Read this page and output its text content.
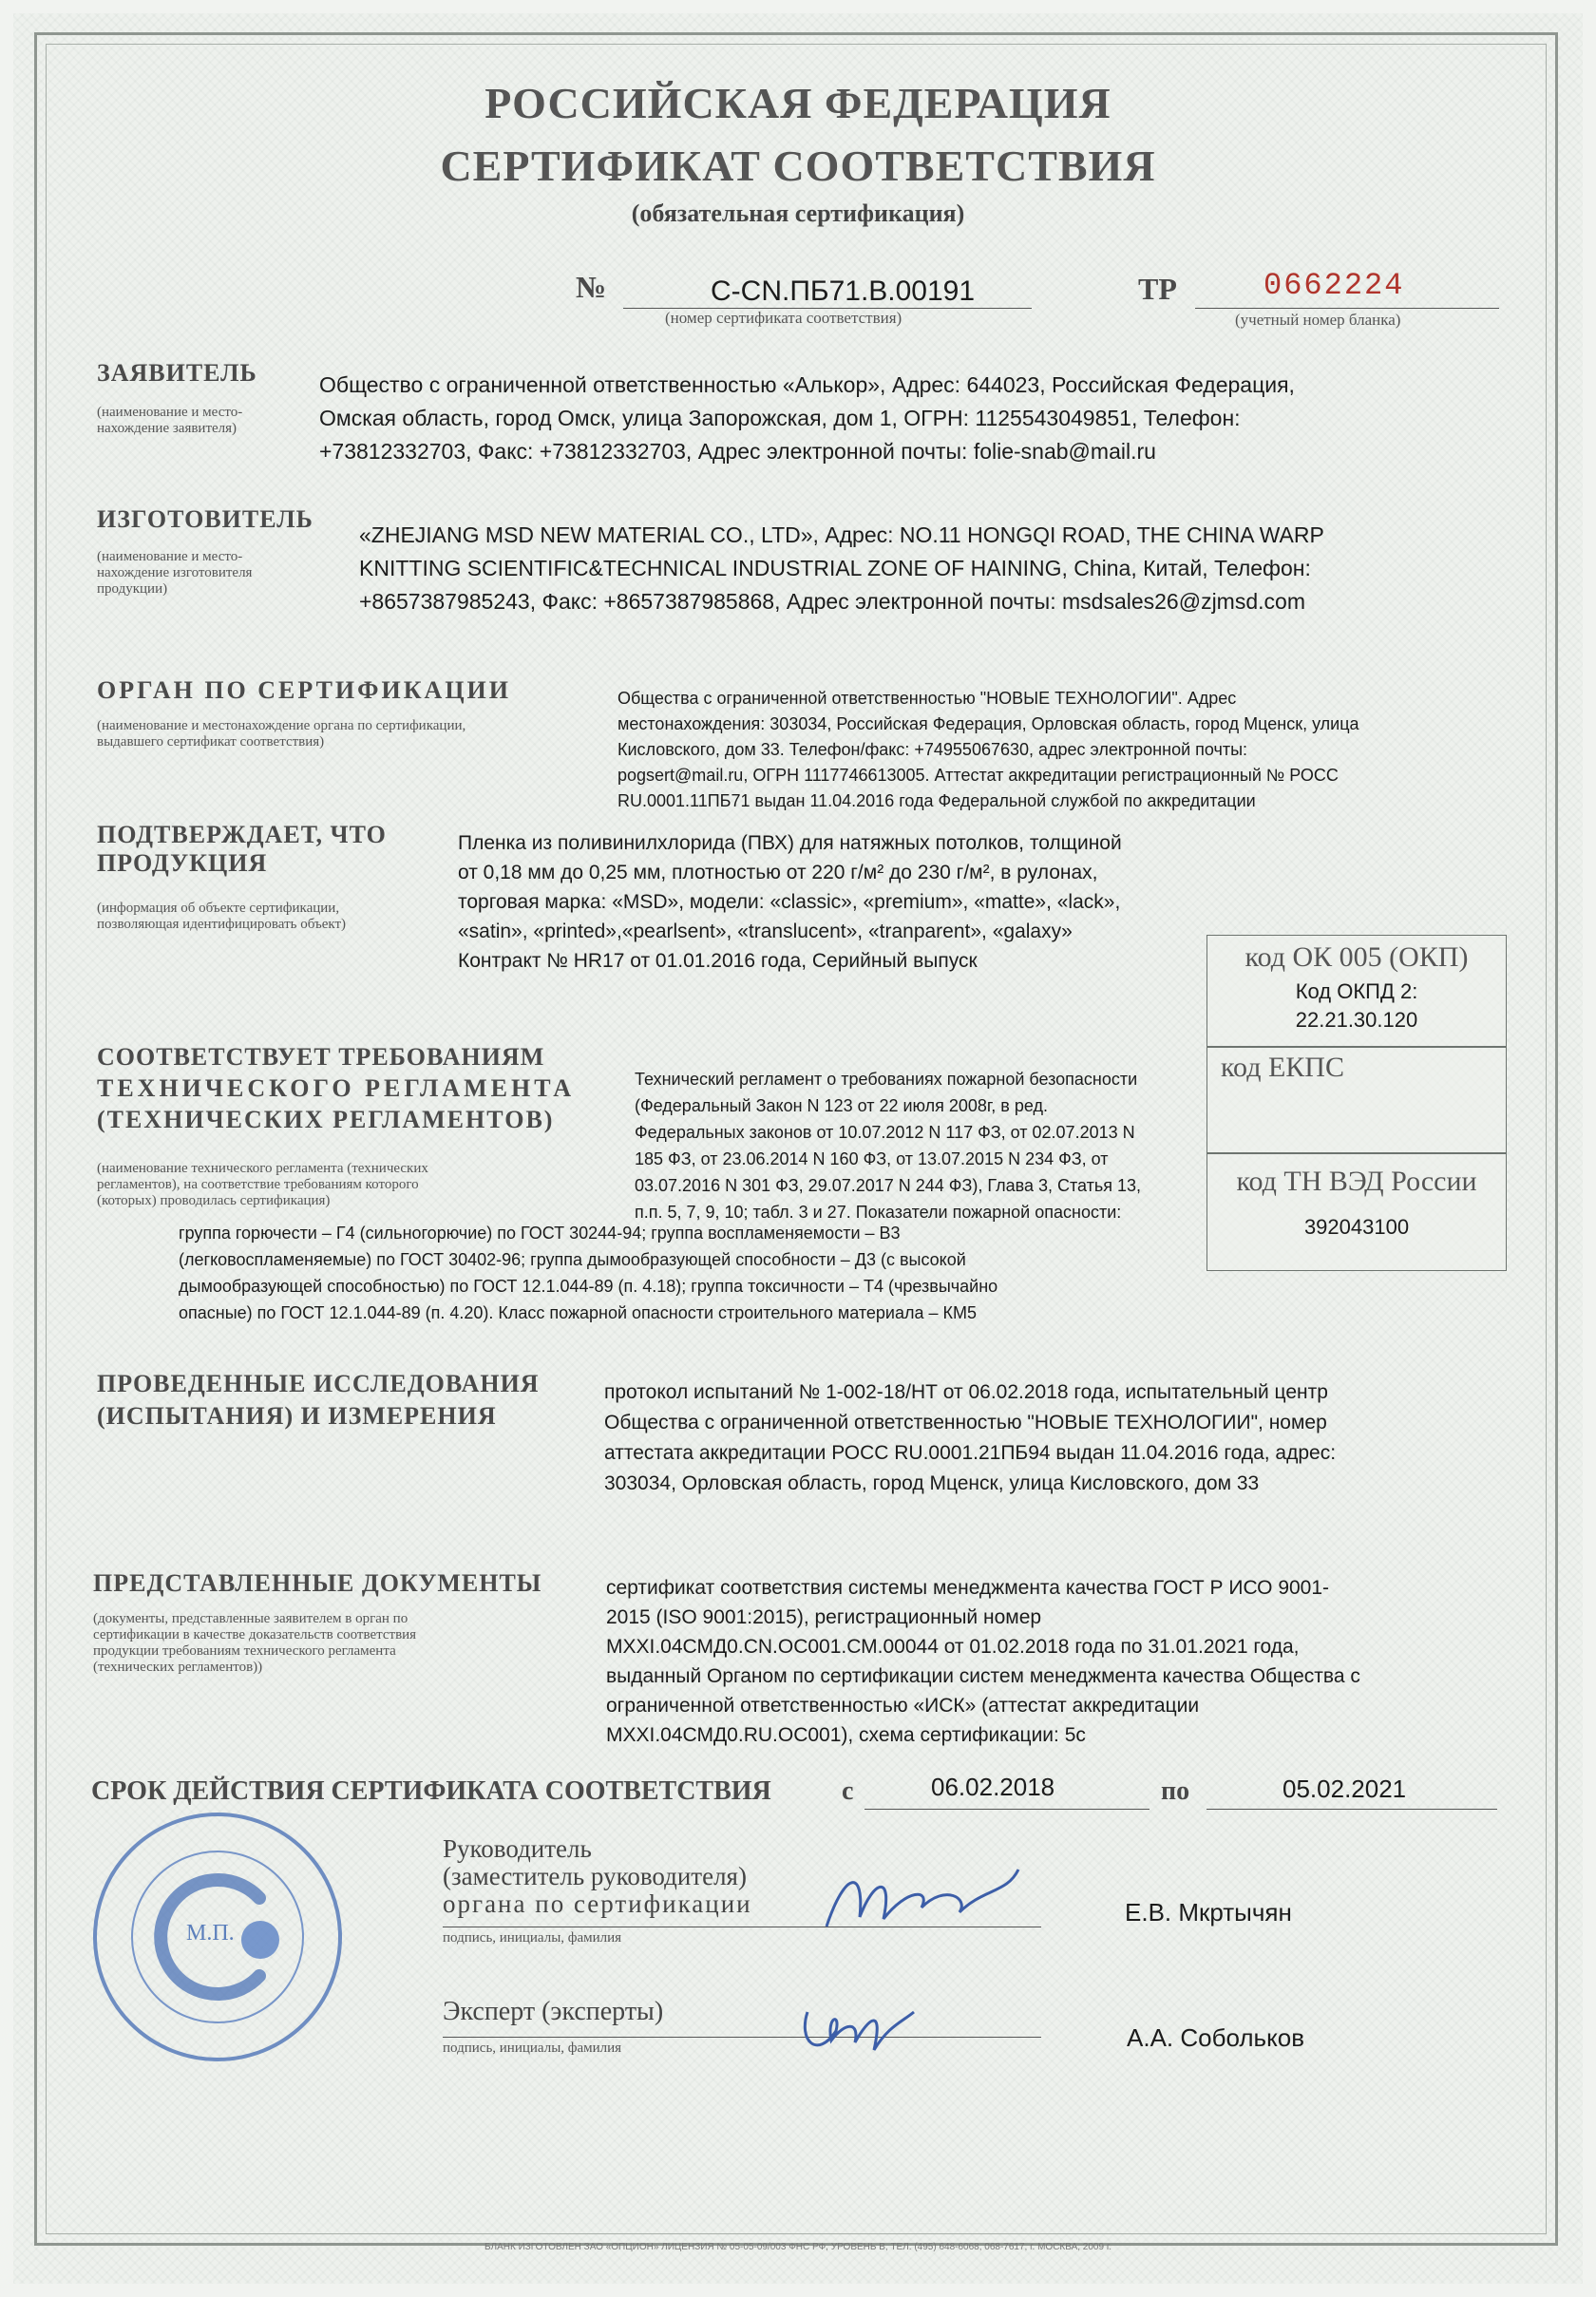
РОССИЙСКАЯ ФЕДЕРАЦИЯ
СЕРТИФИКАТ СООТВЕТСТВИЯ
(обязательная сертификация)
№	C-CN.ПБ71.В.00191
(номер сертификата соответствия)
ТР	0662224
(учетный номер бланка)
ЗАЯВИТЕЛЬ
(наименование и место-
нахождение заявителя)
Общество с ограниченной ответственностью «Алькор», Адрес: 644023, Российская Федерация,
Омская область, город Омск, улица Запорожская, дом 1, ОГРН: 1125543049851, Телефон:
+73812332703, Факс: +73812332703, Адрес электронной почты: folie-snab@mail.ru
ИЗГОТОВИТЕЛЬ
(наименование и место-
нахождение изготовителя
продукции)
«ZHEJIANG MSD NEW MATERIAL CO., LTD», Адрес: NO.11 HONGQI ROAD, THE CHINA WARP
KNITTING SCIENTIFIC&TECHNICAL INDUSTRIAL ZONE OF HAINING, China, Китай, Телефон:
+8657387985243, Факс: +8657387985868, Адрес электронной почты: msdsales26@zjmsd.com
ОРГАН ПО СЕРТИФИКАЦИИ
(наименование и местонахождение органа по сертификации,
выдавшего сертификат соответствия)
Общества с ограниченной ответственностью "НОВЫЕ ТЕХНОЛОГИИ". Адрес
местонахождения: 303034, Российская Федерация, Орловская область, город Мценск, улица
Кисловского, дом 33. Телефон/факс: +74955067630, адрес электронной почты:
pogsert@mail.ru, ОГРН 1117746613005. Аттестат аккредитации регистрационный № РОСС
RU.0001.11ПБ71 выдан 11.04.2016 года Федеральной службой по аккредитации
ПОДТВЕРЖДАЕТ, ЧТО
ПРОДУКЦИЯ
(информация об объекте сертификации,
позволяющая идентифицировать объект)
Пленка из поливинилхлорида (ПВХ) для натяжных потолков, толщиной
от 0,18 мм до 0,25 мм, плотностью от 220 г/м² до 230 г/м², в рулонах,
торговая марка: «MSD», модели: «classic», «premium», «matte», «lack»,
«satin», «printed»,«pearlsent», «translucent», «tranparent», «galaxy»
Контракт № HR17 от 01.01.2016 года, Серийный выпуск	код ОК 005 (ОКП)
Код ОКПД 2:
22.21.30.120
код ЕКПС
код ТН ВЭД России
392043100
СООТВЕТСТВУЕТ ТРЕБОВАНИЯМ
ТЕХНИЧЕСКОГО РЕГЛАМЕНТА
(ТЕХНИЧЕСКИХ РЕГЛАМЕНТОВ)
(наименование технического регламента (технических
регламентов), на соответствие требованиям которого
(которых) проводилась сертификация)
Технический регламент о требованиях пожарной безопасности
(Федеральный Закон N 123 от 22 июля 2008г, в ред.
Федеральных законов от 10.07.2012 N 117 ФЗ, от 02.07.2013 N
185 ФЗ, от 23.06.2014 N 160 ФЗ, от 13.07.2015 N 234 ФЗ, от
03.07.2016 N 301 ФЗ, 29.07.2017 N 244 ФЗ), Глава 3, Статья 13,
п.п. 5, 7, 9, 10; табл. 3 и 27. Показатели пожарной опасности:
группа горючести – Г4 (сильногорючие) по ГОСТ 30244-94; группа воспламеняемости – В3
(легковоспламеняемые) по ГОСТ 30402-96; группа дымообразующей способности – Д3 (с высокой
дымообразующей способностью) по ГОСТ 12.1.044-89 (п. 4.18); группа токсичности – Т4 (чрезвычайно
опасные) по ГОСТ 12.1.044-89 (п. 4.20). Класс пожарной опасности строительного материала – КМ5
ПРОВЕДЕННЫЕ ИССЛЕДОВАНИЯ
(ИСПЫТАНИЯ) И ИЗМЕРЕНИЯ
протокол испытаний № 1-002-18/НТ от 06.02.2018 года, испытательный центр
Общества с ограниченной ответственностью "НОВЫЕ ТЕХНОЛОГИИ", номер
аттестата аккредитации РОСС RU.0001.21ПБ94 выдан 11.04.2016 года, адрес:
303034, Орловская область, город Мценск, улица Кисловского, дом 33
ПРЕДСТАВЛЕННЫЕ ДОКУМЕНТЫ
(документы, представленные заявителем в орган по
сертификации в качестве доказательств соответствия
продукции требованиям технического регламента
(технических регламентов))
сертификат соответствия системы менеджмента качества ГОСТ Р ИСО 9001-
2015 (ISO 9001:2015), регистрационный номер
МХХI.04СМД0.CN.ОС001.СМ.00044 от 01.02.2018 года по 31.01.2021 года,
выданный Органом по сертификации систем менеджмента качества Общества с
ограниченной ответственностью «ИСК» (аттестат аккредитации
МХХI.04СМД0.RU.ОС001), схема сертификации: 5с
СРОК ДЕЙСТВИЯ СЕРТИФИКАТА СООТВЕТСТВИЯ	с	06.02.2018	по	05.02.2021
М.П.
Руководитель
(заместитель руководителя)
органа по сертификации
подпись, инициалы, фамилия
Е.В. Мкртычян
Эксперт (эксперты)
подпись, инициалы, фамилия	А.А. Собольков
БЛАНК ИЗГОТОВЛЕН ЗАО «ОПЦИОН» ЛИЦЕНЗИЯ № 05-05-09/003 ФНС РФ, УРОВЕНЬ В, ТЕЛ. (495) 648-6068, 068-7617, г. МОСКВА, 2009 г.
